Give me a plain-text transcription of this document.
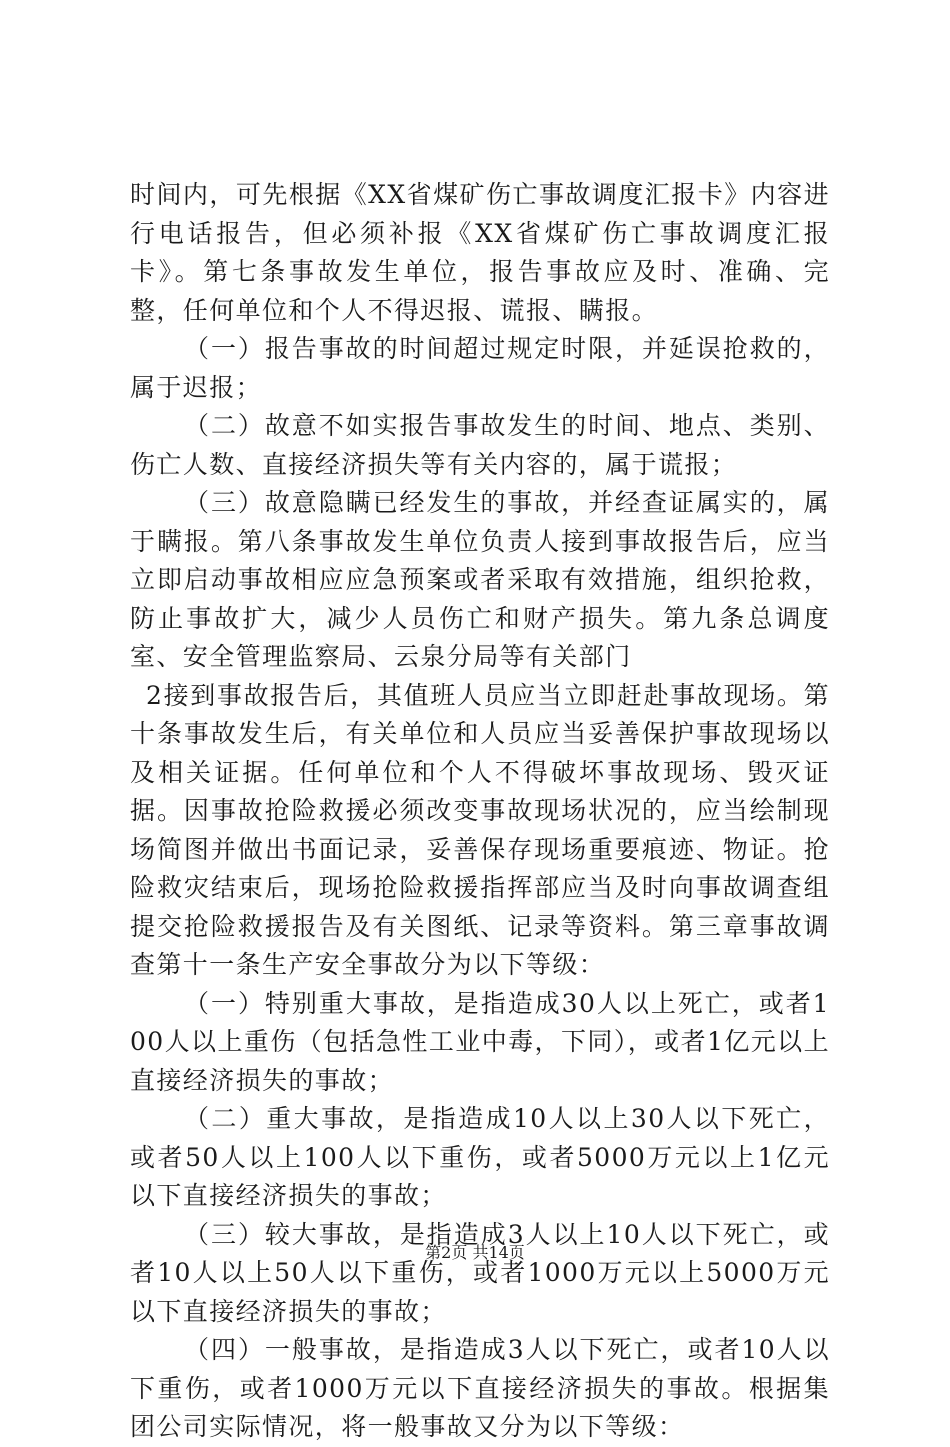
时间内，可先根据《XX省煤矿伤亡事故调度汇报卡》内容进行电话报告，但必须补报《XX省煤矿伤亡事故调度汇报卡》。第七条事故发生单位，报告事故应及时、准确、完整，任何单位和个人不得迟报、谎报、瞒报。

（一）报告事故的时间超过规定时限，并延误抢救的，属于迟报；

（二）故意不如实报告事故发生的时间、地点、类别、伤亡人数、直接经济损失等有关内容的，属于谎报；

（三）故意隐瞒已经发生的事故，并经查证属实的，属于瞒报。第八条事故发生单位负责人接到事故报告后，应当立即启动事故相应应急预案或者采取有效措施，组织抢救，防止事故扩大，减少人员伤亡和财产损失。第九条总调度室、安全管理监察局、云泉分局等有关部门

2接到事故报告后，其值班人员应当立即赶赴事故现场。第十条事故发生后，有关单位和人员应当妥善保护事故现场以及相关证据。任何单位和个人不得破坏事故现场、毁灭证据。因事故抢险救援必须改变事故现场状况的，应当绘制现场简图并做出书面记录，妥善保存现场重要痕迹、物证。抢险救灾结束后，现场抢险救援指挥部应当及时向事故调查组提交抢险救援报告及有关图纸、记录等资料。第三章事故调查第十一条生产安全事故分为以下等级：

（一）特别重大事故，是指造成30人以上死亡，或者100人以上重伤（包括急性工业中毒，下同），或者1亿元以上直接经济损失的事故；

（二）重大事故，是指造成10人以上30人以下死亡，或者50人以上100人以下重伤，或者5000万元以上1亿元以下直接经济损失的事故；

（三）较大事故，是指造成3人以上10人以下死亡，或者10人以上50人以下重伤，或者1000万元以上5000万元以下直接经济损失的事故；

（四）一般事故，是指造成3人以下死亡，或者10人以下重伤，或者1000万元以下直接经济损失的事故。根据集团公司实际情况，将一般事故又分为以下等级：

第2页 共14页
